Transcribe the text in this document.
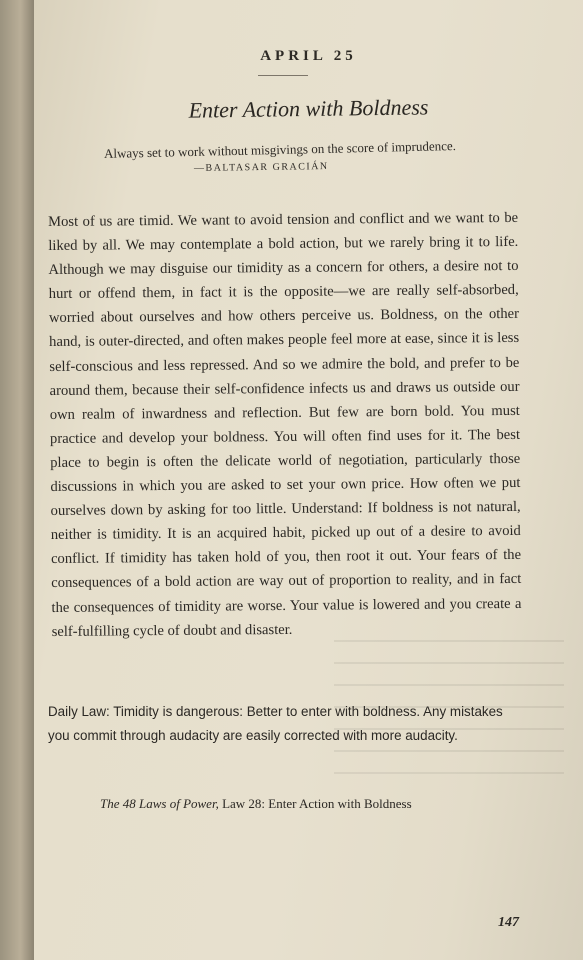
APRIL 25
Enter Action with Boldness
Always set to work without misgivings on the score of imprudence.
—BALTASAR GRACIÁN
Most of us are timid. We want to avoid tension and conflict and we want to be liked by all. We may contemplate a bold action, but we rarely bring it to life. Although we may disguise our timidity as a concern for others, a desire not to hurt or offend them, in fact it is the opposite—we are really self-absorbed, worried about ourselves and how others perceive us. Boldness, on the other hand, is outer-directed, and often makes people feel more at ease, since it is less self-conscious and less repressed. And so we admire the bold, and prefer to be around them, because their self-confidence infects us and draws us outside our own realm of inwardness and reflection. But few are born bold. You must practice and develop your boldness. You will often find uses for it. The best place to begin is often the delicate world of negotiation, particularly those discussions in which you are asked to set your own price. How often we put ourselves down by asking for too little. Understand: If boldness is not natural, neither is timidity. It is an acquired habit, picked up out of a desire to avoid conflict. If timidity has taken hold of you, then root it out. Your fears of the consequences of a bold action are way out of proportion to reality, and in fact the consequences of timidity are worse. Your value is lowered and you create a self-fulfilling cycle of doubt and disaster.
Daily Law: Timidity is dangerous: Better to enter with boldness. Any mistakes you commit through audacity are easily corrected with more audacity.
The 48 Laws of Power, Law 28: Enter Action with Boldness
147
